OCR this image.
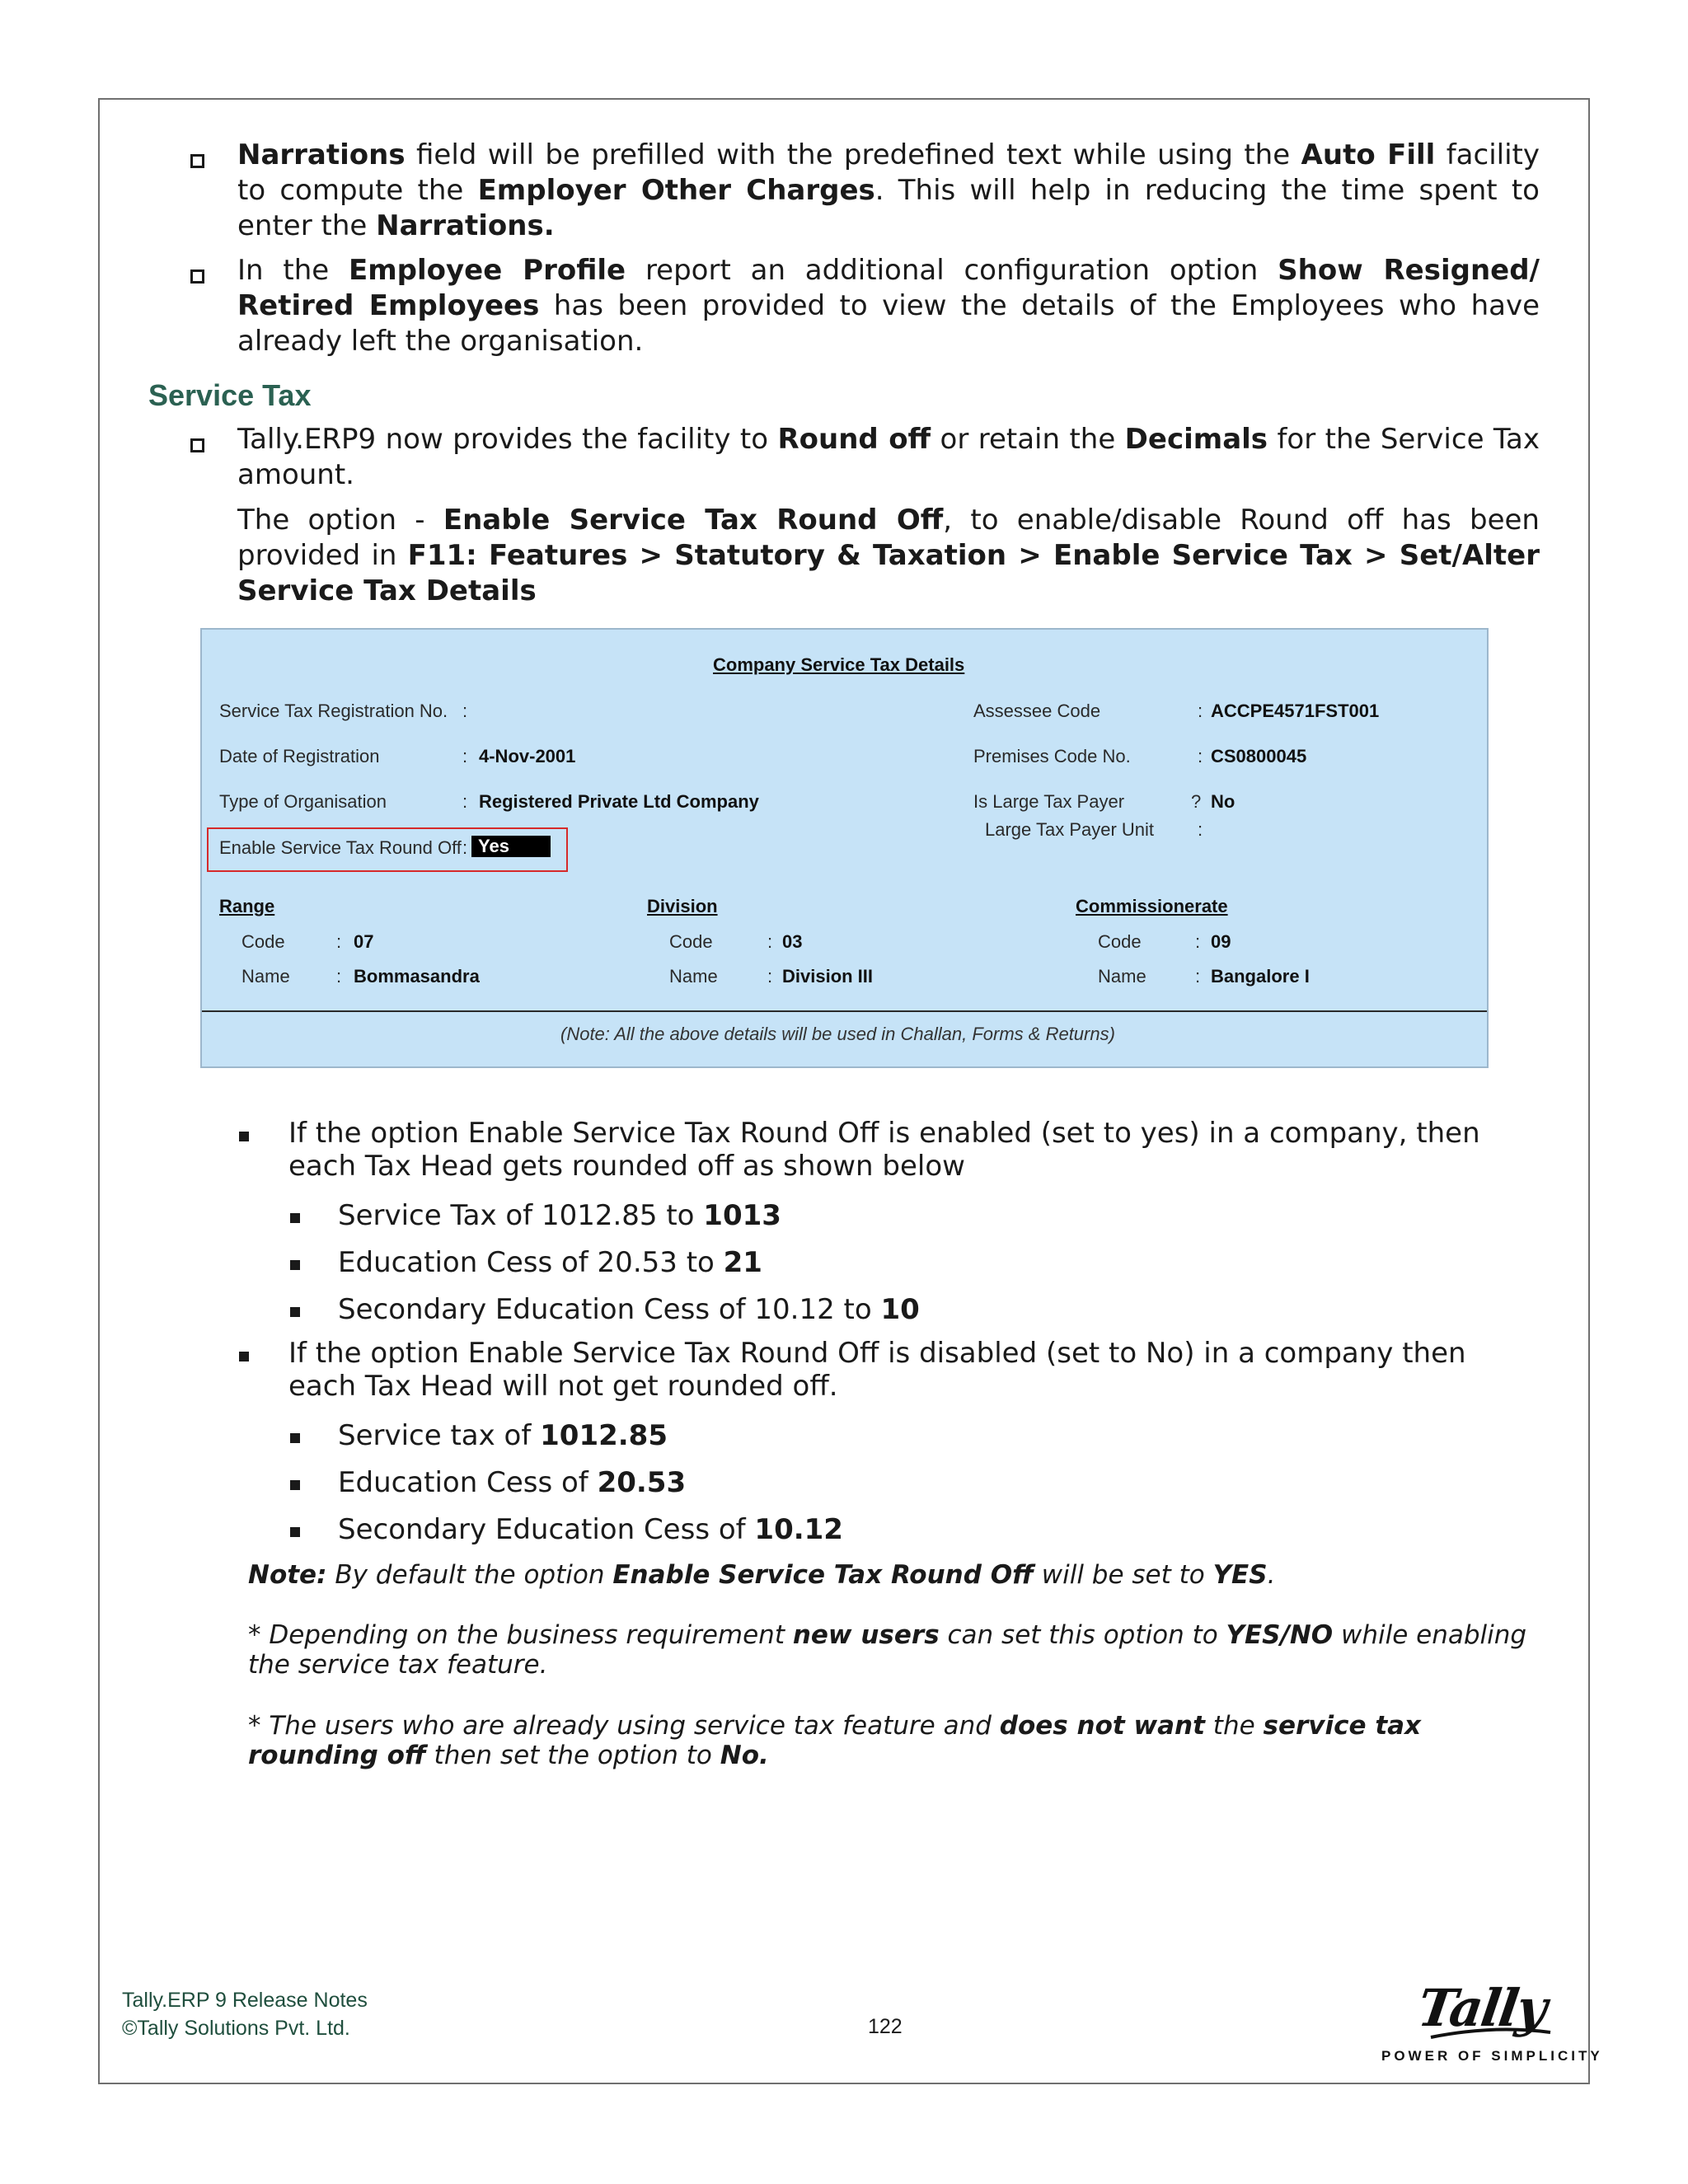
Narrations field will be prefilled with the predefined text while using the Auto Fill facility to compute the Employer Other Charges. This will help in reducing the time spent to enter the Narrations.
In the Employee Profile report an additional configuration option Show Resigned/ Retired Employees has been provided to view the details of the Employees who have already left the organisation.
Service Tax
Tally.ERP9 now provides the facility to Round off or retain the Decimals for the Service Tax amount.
The option - Enable Service Tax Round Off, to enable/disable Round off has been provided in F11: Features > Statutory & Taxation > Enable Service Tax > Set/Alter Service Tax Details
Company Service Tax Details
Service Tax Registration No. :
Date of Registration	: 4-Nov-2001
Type of Organisation	: Registered Private Ltd Company
Enable Service Tax Round Off : Yes
Assessee Code	: ACCPE4571FST001
Premises Code No.	: CS0800045
Is Large Tax Payer	? No
Large Tax Payer Unit :
Range
Code	: 07
Name	: Bommasandra
Division
Code	: 03
Name	: Division III
Commissionerate
Code	: 09
Name	: Bangalore I
(Note: All the above details will be used in Challan, Forms & Returns)
If the option Enable Service Tax Round Off is enabled (set to yes) in a company, then each Tax Head gets rounded off as shown below
Service Tax of 1012.85 to 1013
Education Cess of 20.53 to 21
Secondary Education Cess of 10.12 to 10
If the option Enable Service Tax Round Off is disabled (set to No) in a company then each Tax Head will not get rounded off.
Service tax of 1012.85
Education Cess of 20.53
Secondary Education Cess of 10.12
Note: By default the option Enable Service Tax Round Off will be set to YES.
* Depending on the business requirement new users can set this option to YES/NO while enabling the service tax feature.
* The users who are already using service tax feature and does not want the service tax rounding off then set the option to No.
Tally.ERP 9 Release Notes
©Tally Solutions Pvt. Ltd.	122	Tally
POWER OF SIMPLICITY
